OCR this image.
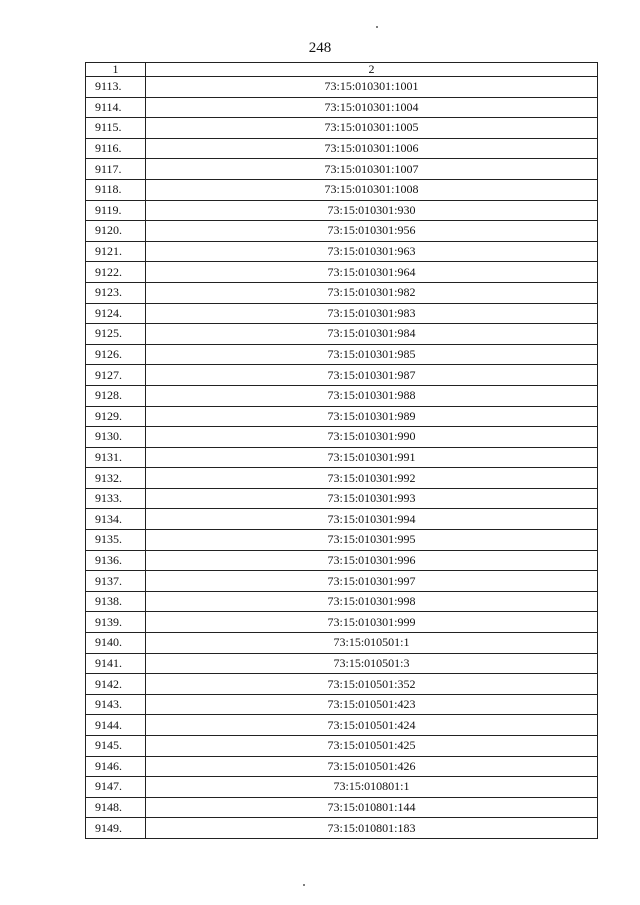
248
1	2
9113.	73:15:010301:1001
9114.	73:15:010301:1004
9115.	73:15:010301:1005
9116.	73:15:010301:1006
9117.	73:15:010301:1007
9118.	73:15:010301:1008
9119.	73:15:010301:930
9120.	73:15:010301:956
9121.	73:15:010301:963
9122.	73:15:010301:964
9123.	73:15:010301:982
9124.	73:15:010301:983
9125.	73:15:010301:984
9126.	73:15:010301:985
9127.	73:15:010301:987
9128.	73:15:010301:988
9129.	73:15:010301:989
9130.	73:15:010301:990
9131.	73:15:010301:991
9132.	73:15:010301:992
9133.	73:15:010301:993
9134.	73:15:010301:994
9135.	73:15:010301:995
9136.	73:15:010301:996
9137.	73:15:010301:997
9138.	73:15:010301:998
9139.	73:15:010301:999
9140.	73:15:010501:1
9141.	73:15:010501:3
9142.	73:15:010501:352
9143.	73:15:010501:423
9144.	73:15:010501:424
9145.	73:15:010501:425
9146.	73:15:010501:426
9147.	73:15:010801:1
9148.	73:15:010801:144
9149.	73:15:010801:183
